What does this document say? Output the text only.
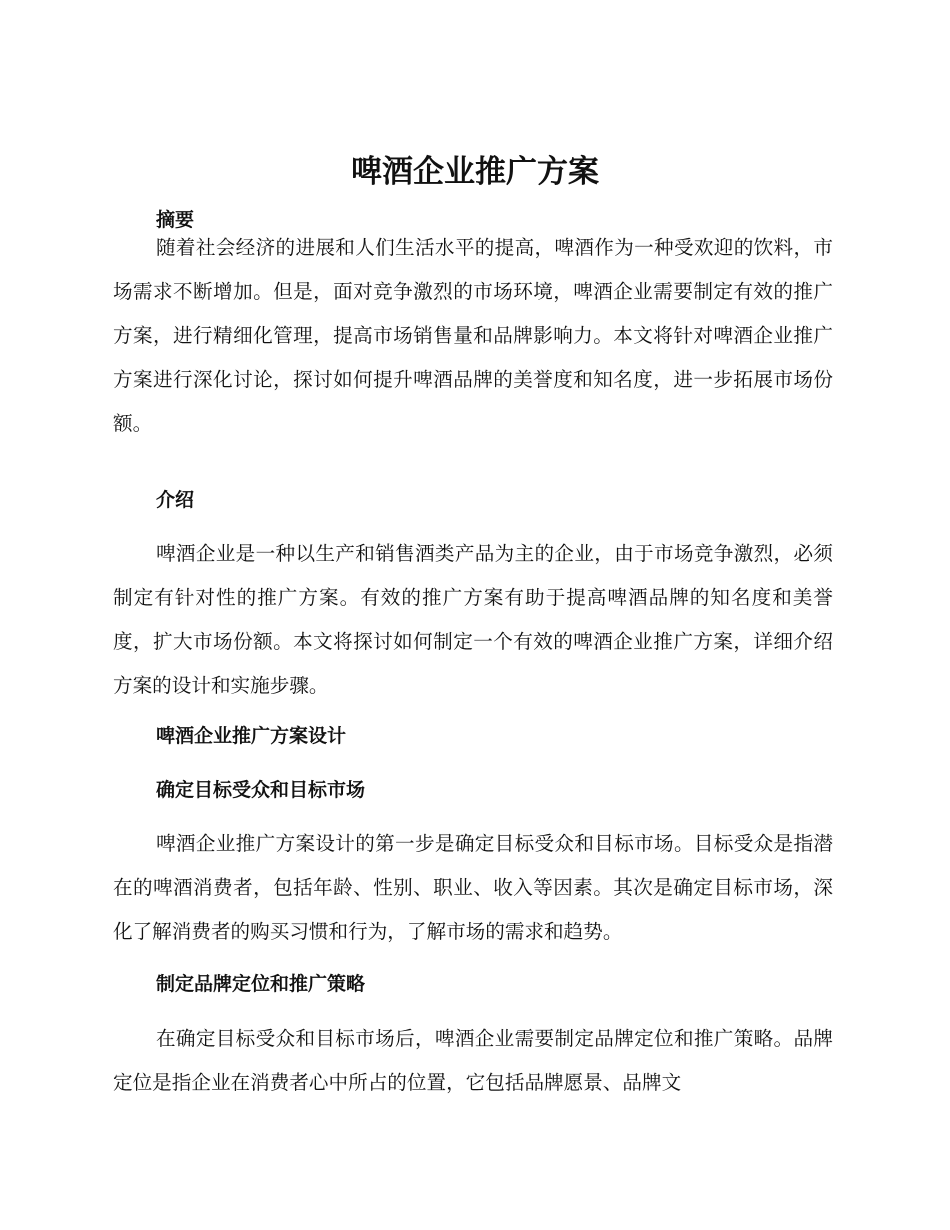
啤酒企业推广方案
摘要

随着社会经济的进展和人们生活水平的提高，啤酒作为一种受欢迎的饮料，市场需求不断增加。但是，面对竞争激烈的市场环境，啤酒企业需要制定有效的推广方案，进行精细化管理，提高市场销售量和品牌影响力。本文将针对啤酒企业推广方案进行深化讨论，探讨如何提升啤酒品牌的美誉度和知名度，进一步拓展市场份额。

介绍

啤酒企业是一种以生产和销售酒类产品为主的企业，由于市场竞争激烈，必须制定有针对性的推广方案。有效的推广方案有助于提高啤酒品牌的知名度和美誉度，扩大市场份额。本文将探讨如何制定一个有效的啤酒企业推广方案，详细介绍方案的设计和实施步骤。

啤酒企业推广方案设计
确定目标受众和目标市场

啤酒企业推广方案设计的第一步是确定目标受众和目标市场。目标受众是指潜在的啤酒消费者，包括年龄、性别、职业、收入等因素。其次是确定目标市场，深化了解消费者的购买习惯和行为，了解市场的需求和趋势。

制定品牌定位和推广策略

在确定目标受众和目标市场后，啤酒企业需要制定品牌定位和推广策略。品牌定位是指企业在消费者心中所占的位置，它包括品牌愿景、品牌文
